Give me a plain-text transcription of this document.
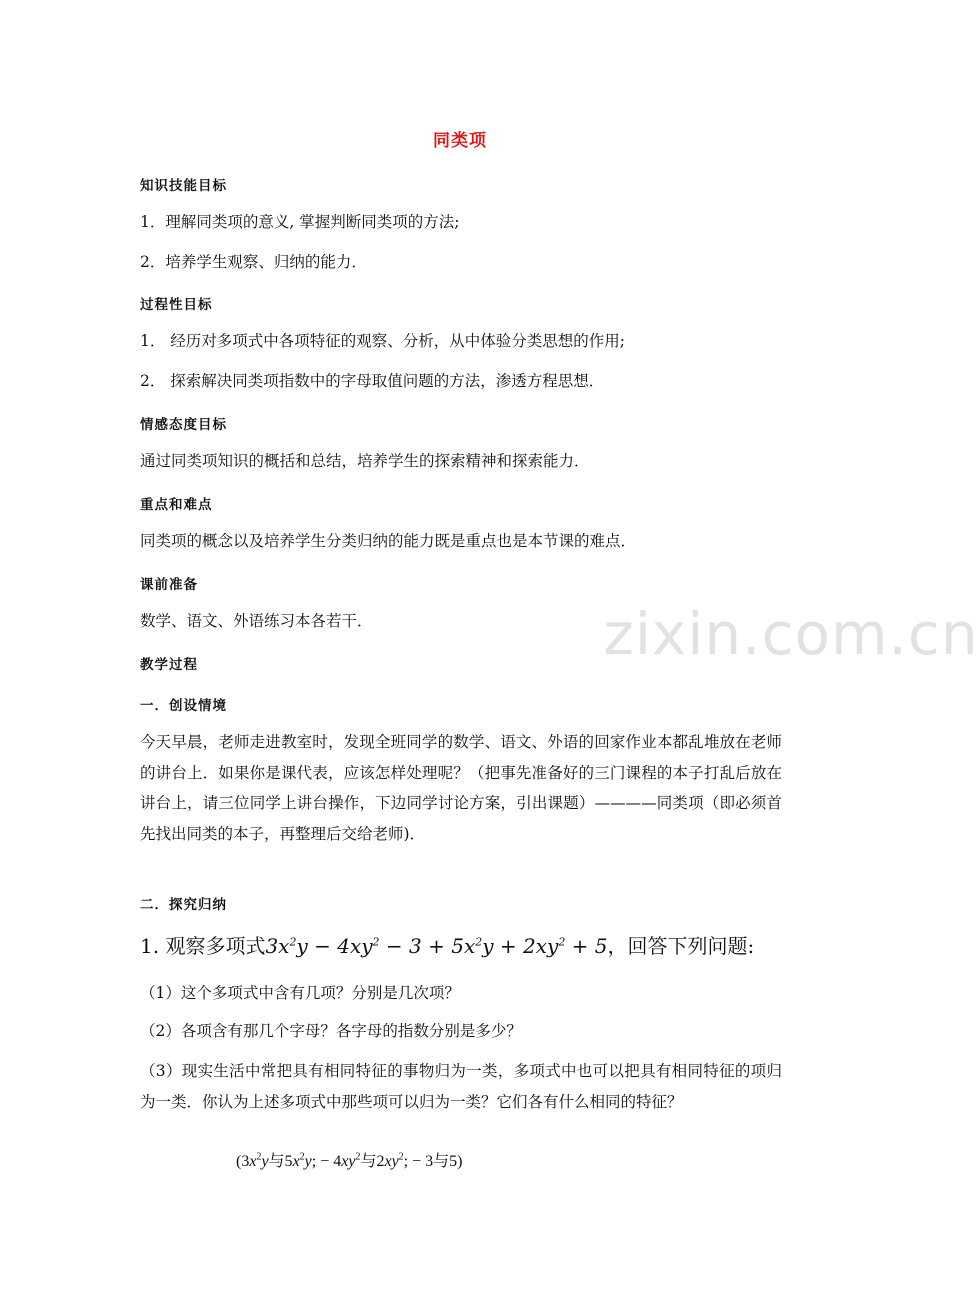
同类项
知识技能目标
1．理解同类项的意义, 掌握判断同类项的方法;
2．培养学生观察、归纳的能力．
过程性目标
1． 经历对多项式中各项特征的观察、分析，从中体验分类思想的作用;
2． 探索解决同类项指数中的字母取值问题的方法，渗透方程思想．
情感态度目标
通过同类项知识的概括和总结，培养学生的探索精神和探索能力．
重点和难点
同类项的概念以及培养学生分类归纳的能力既是重点也是本节课的难点．
课前准备
数学、语文、外语练习本各若干．
教学过程
一．创设情境
今天早晨，老师走进教室时，发现全班同学的数学、语文、外语的回家作业本都乱堆放在老师的讲台上．如果你是课代表，应该怎样处理呢？（把事先准备好的三门课程的本子打乱后放在讲台上，请三位同学上讲台操作，下边同学讨论方案，引出课题）————同类项（即必须首先找出同类的本子，再整理后交给老师)．
二．探究归纳
1. 观察多项式$3x^2y - 4xy^2 - 3 + 5x^2y + 2xy^2 + 5$，回答下列问题:
（1）这个多项式中含有几项？分别是几次项？
（2）各项含有那几个字母？各字母的指数分别是多少？
（3）现实生活中常把具有相同特征的事物归为一类，多项式中也可以把具有相同特征的项归为一类．你认为上述多项式中那些项可以归为一类？它们各有什么相同的特征？
($3x^2y$与$5x^2y$; − $4xy^2$与$2xy^2$; − 3与5)
zixin.com.cn
